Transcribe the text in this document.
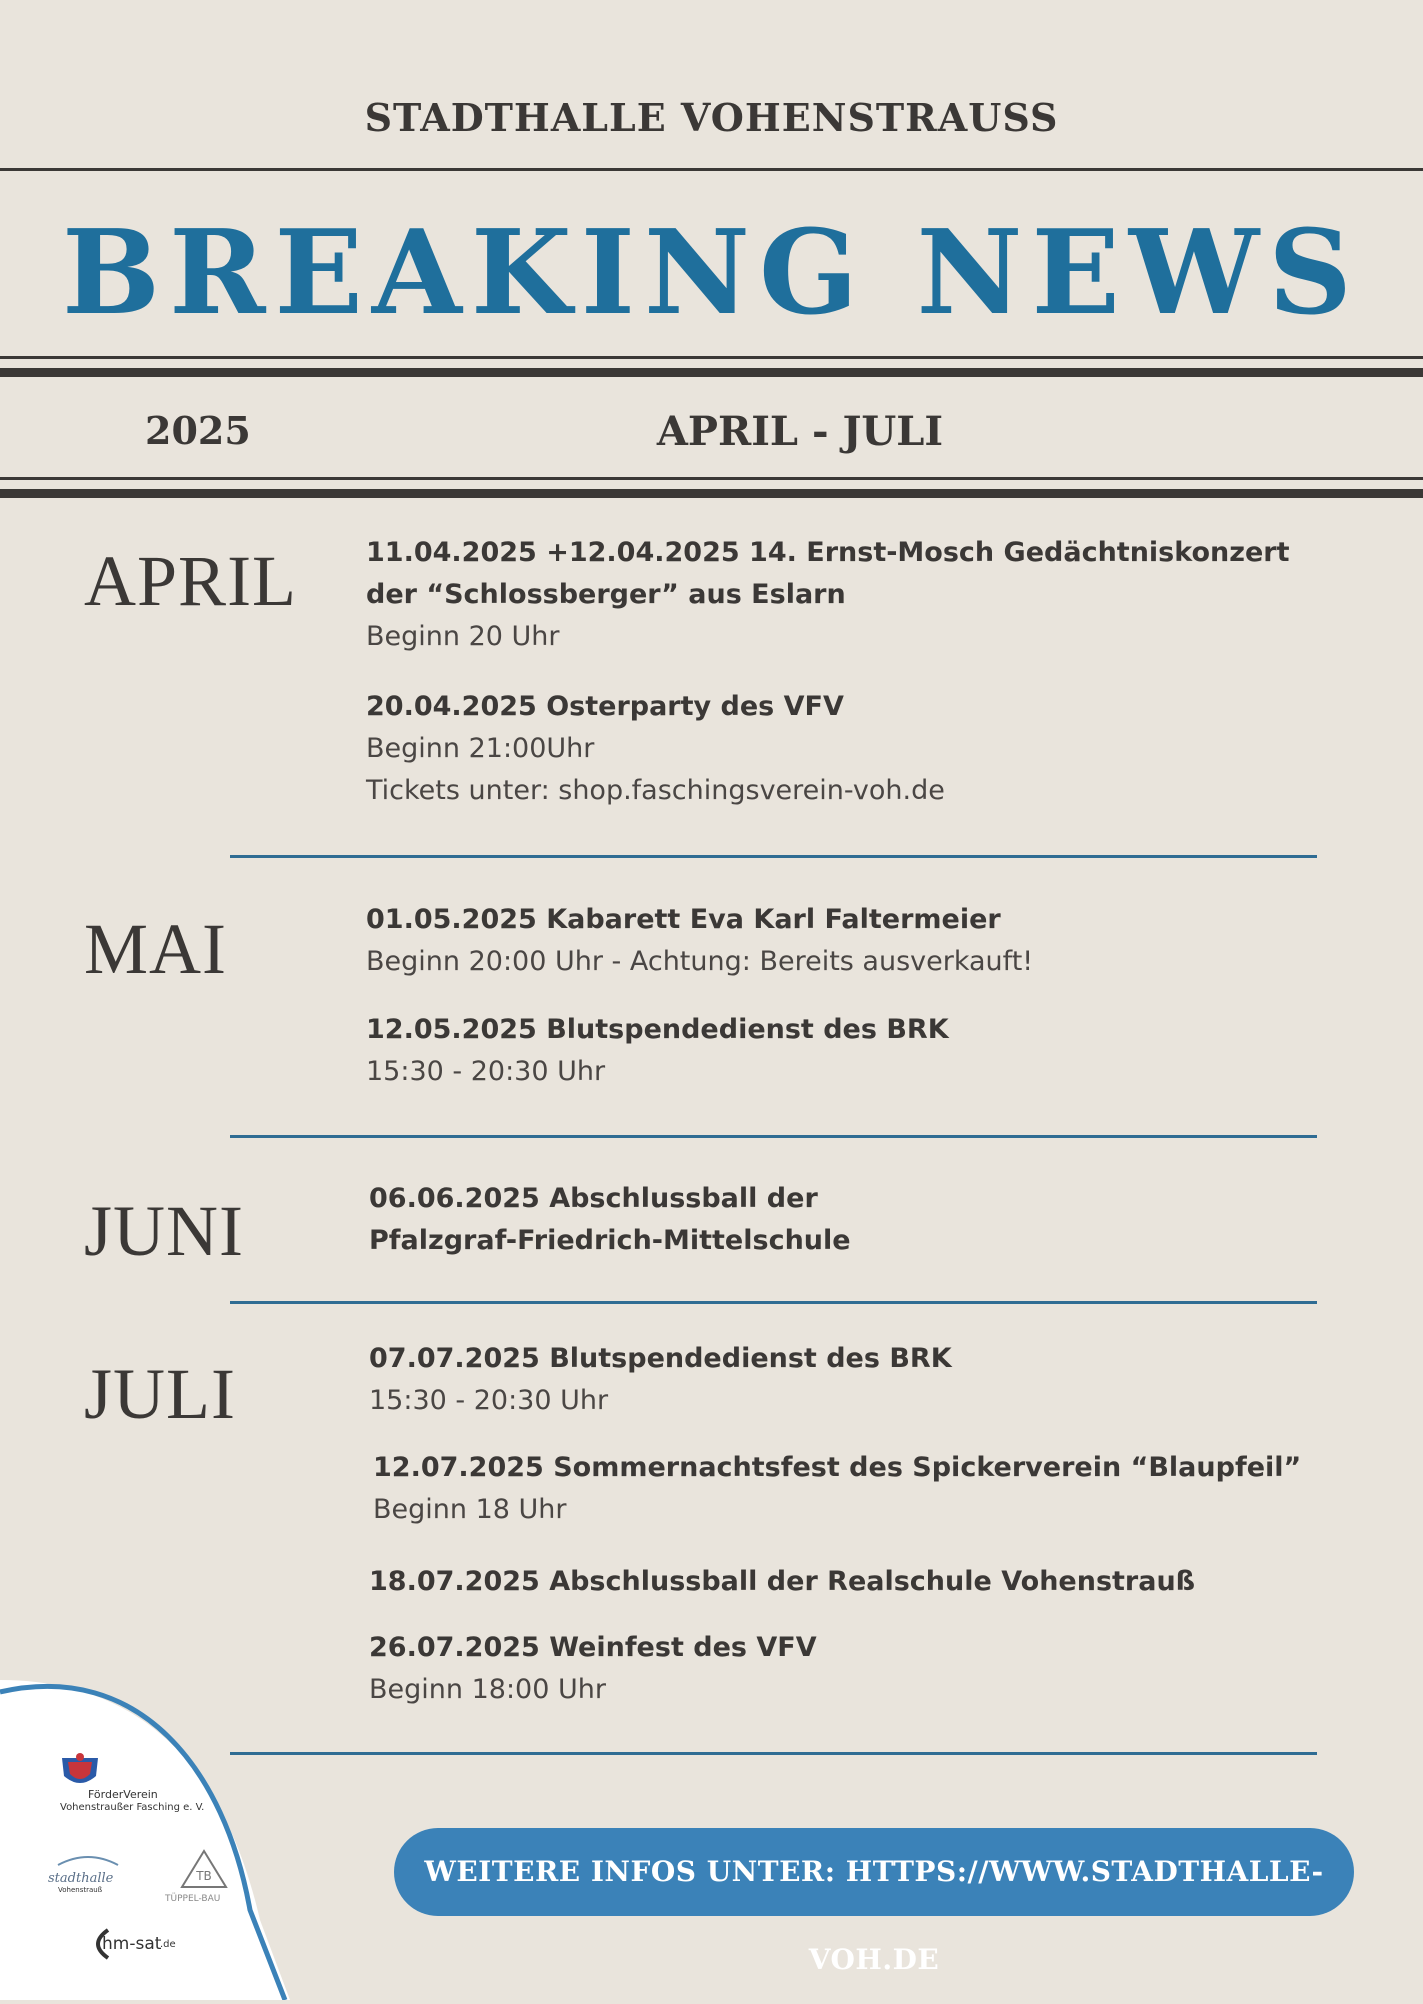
STADTHALLE VOHENSTRAUSS
BREAKING NEWS
2025	APRIL - JULI
APRIL	11.04.2025 +12.04.2025 14. Ernst-Mosch Gedächtniskonzert
der “Schlossberger” aus Eslarn
Beginn 20 Uhr
20.04.2025 Osterparty des VFV
Beginn 21:00Uhr
Tickets unter: shop.faschingsverein-voh.de
MAI	01.05.2025 Kabarett Eva Karl Faltermeier
Beginn 20:00 Uhr - Achtung: Bereits ausverkauft!
12.05.2025 Blutspendedienst des BRK
15:30 - 20:30 Uhr
JUNI	06.06.2025 Abschlussball der
Pfalzgraf-Friedrich-Mittelschule
JULI	07.07.2025 Blutspendedienst des BRK
15:30 - 20:30 Uhr
12.07.2025 Sommernachtsfest des Spickerverein “Blaupfeil”
Beginn 18 Uhr
18.07.2025 Abschlussball der Realschule Vohenstrauß
26.07.2025 Weinfest des VFV
Beginn 18:00 Uhr
FörderVerein
Vohenstraußer Fasching e. V.
stadthalle
Vohenstrauß
TB
TÜPPEL-BAU
hm-sat
.de
WEITERE INFOS UNTER: HTTPS://WWW.STADTHALLE-VOH.DE
